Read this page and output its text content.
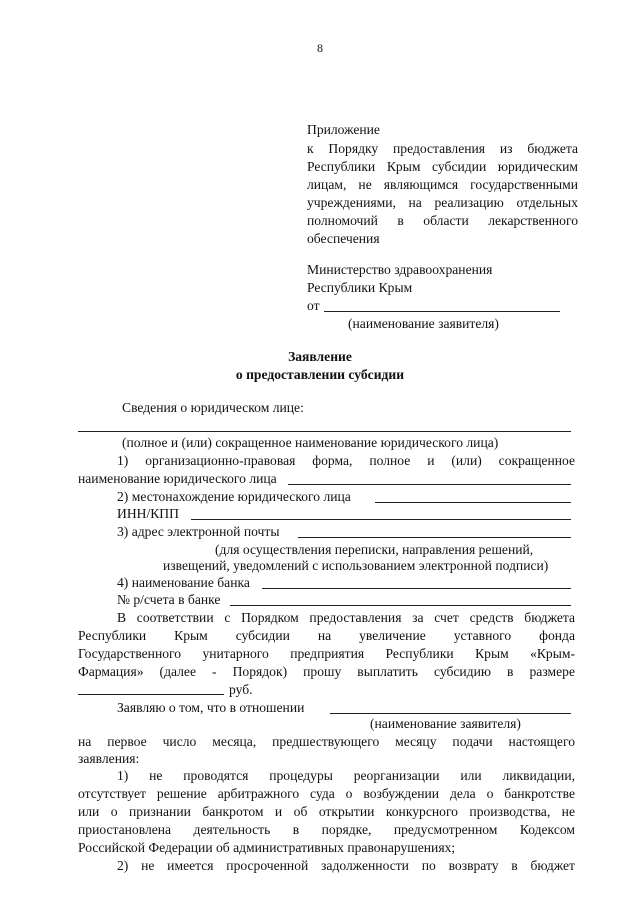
8
Приложение
к Порядку предоставления из бюджета
Республики Крым субсидии юридическим
лицам, не являющимся государственными
учреждениями, на реализацию отдельных
полномочий в области лекарственного
обеспечения
Министерство здравоохранения
Республики Крым
от
(наименование заявителя)
Заявление
о предоставлении субсидии
Сведения о юридическом лице:
(полное и (или) сокращенное наименование юридического лица)
1) организационно-правовая форма, полное и (или) сокращенное
наименование юридического лица
2) местонахождение юридического лица
ИНН/КПП
3) адрес электронной почты
(для осуществления переписки, направления решений,
извещений, уведомлений с использованием электронной подписи)
4) наименование банка
№ р/счета в банке
В соответствии с Порядком предоставления за счет средств бюджета
Республики Крым субсидии на увеличение уставного фонда
Государственного унитарного предприятия Республики Крым «Крым-
Фармация» (далее - Порядок) прошу выплатить субсидию в размере
руб.
Заявляю о том, что в отношении
(наименование заявителя)
на первое число месяца, предшествующего месяцу подачи настоящего
заявления:
1) не проводятся процедуры реорганизации или ликвидации,
отсутствует решение арбитражного суда о возбуждении дела о банкротстве
или о признании банкротом и об открытии конкурсного производства, не
приостановлена деятельность в порядке, предусмотренном Кодексом
Российской Федерации об административных правонарушениях;
2) не имеется просроченной задолженности по возврату в бюджет
